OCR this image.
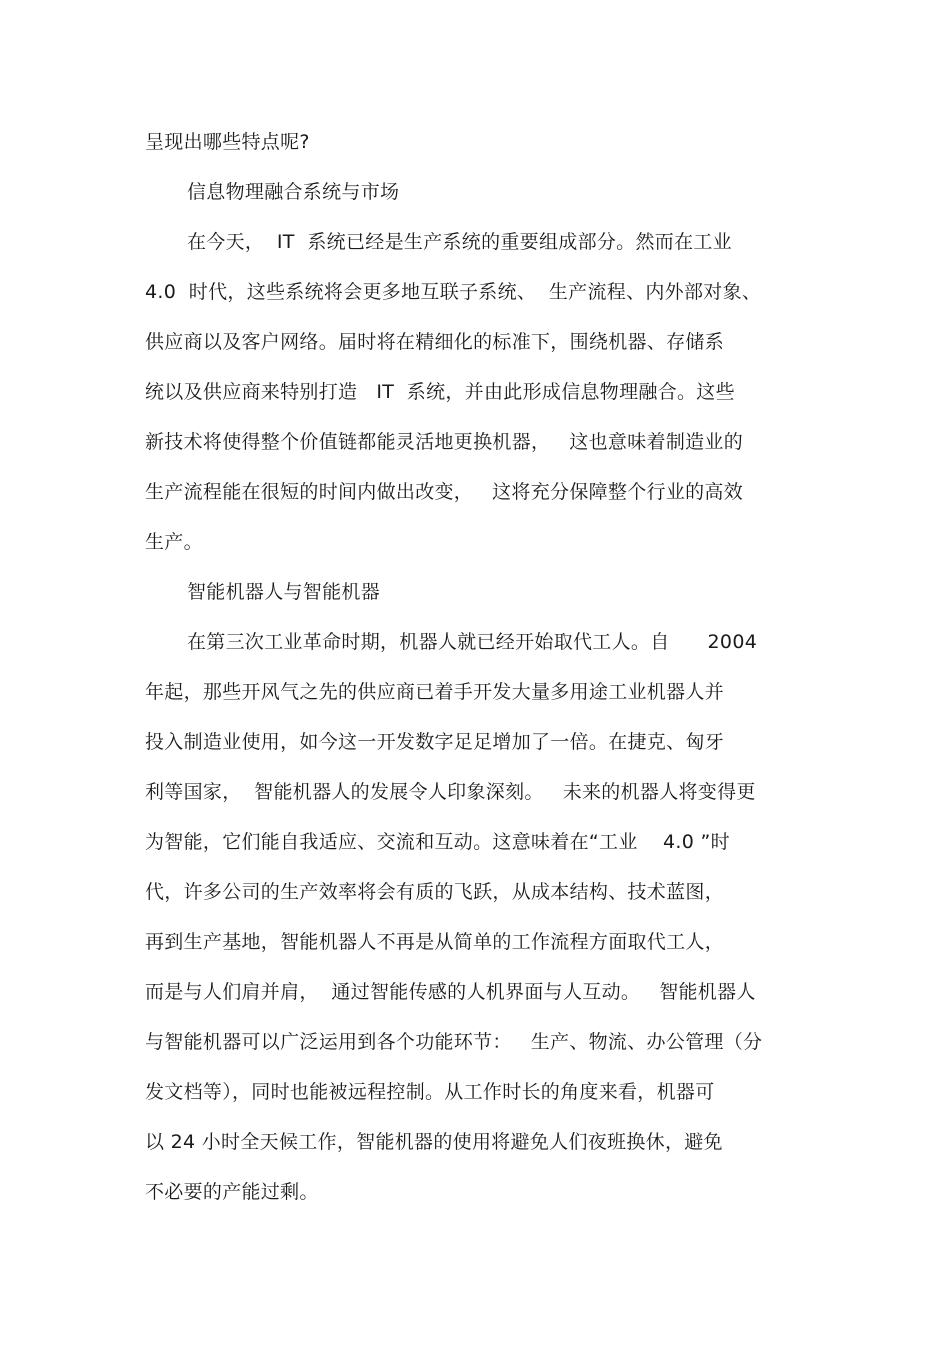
呈现出哪些特点呢?
信息物理融合系统与市场
在今天，  IT  系统已经是生产系统的重要组成部分。然而在工业
4.0  时代，这些系统将会更多地互联子系统、  生产流程、内外部对象、
供应商以及客户网络。届时将在精细化的标准下，围绕机器、存储系
统以及供应商来特别打造   IT  系统，并由此形成信息物理融合。这些
新技术将使得整个价值链都能灵活地更换机器，   这也意味着制造业的
生产流程能在很短的时间内做出改变，   这将充分保障整个行业的高效
生产。
智能机器人与智能机器
在第三次工业革命时期，机器人就已经开始取代工人。自      2004
年起，那些开风气之先的供应商已着手开发大量多用途工业机器人并
投入制造业使用，如今这一开发数字足足增加了一倍。在捷克、匈牙
利等国家，  智能机器人的发展令人印象深刻。   未来的机器人将变得更
为智能，它们能自我适应、交流和互动。这意味着在“工业    4.0 ”时
代，许多公司的生产效率将会有质的飞跃，从成本结构、技术蓝图，
再到生产基地，智能机器人不再是从简单的工作流程方面取代工人，
而是与人们肩并肩，  通过智能传感的人机界面与人互动。   智能机器人
与智能机器可以广泛运用到各个功能环节：   生产、物流、办公管理（分
发文档等），同时也能被远程控制。从工作时长的角度来看，机器可
以 24 小时全天候工作，智能机器的使用将避免人们夜班换休，避免
不必要的产能过剩。
